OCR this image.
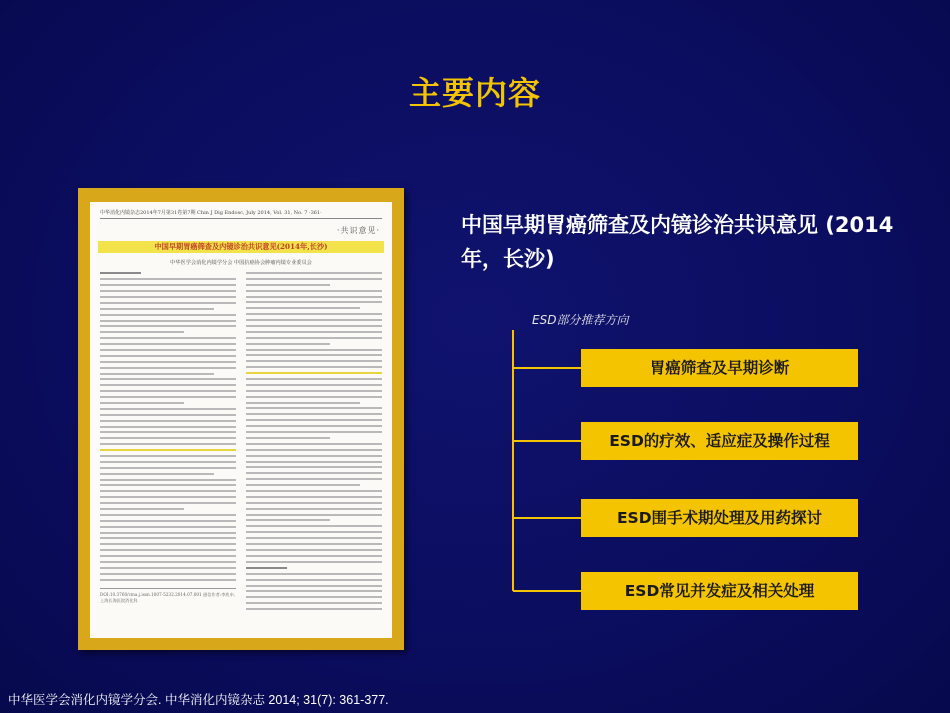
主要内容
中华消化内镜杂志2014年7月第31卷第7期 Chin J Dig Endosc, July 2014, Vol. 31, No. 7 ·361·
·共识意见·
中国早期胃癌筛查及内镜诊治共识意见(2014年,长沙)
中华医学会消化内镜学分会 中国抗癌协会肿瘤内镜专业委员会
DOI:10.3760/cma.j.issn.1007-5232.2014.07.001 通信作者:李兆申,上海长海医院消化科
中国早期胃癌筛查及内镜诊治共识意见 (2014年，长沙)
ESD部分推荐方向
胃癌筛查及早期诊断
ESD的疗效、适应症及操作过程
ESD围手术期处理及用药探讨
ESD常见并发症及相关处理
中华医学会消化内镜学分会. 中华消化内镜杂志 2014; 31(7): 361-377.
